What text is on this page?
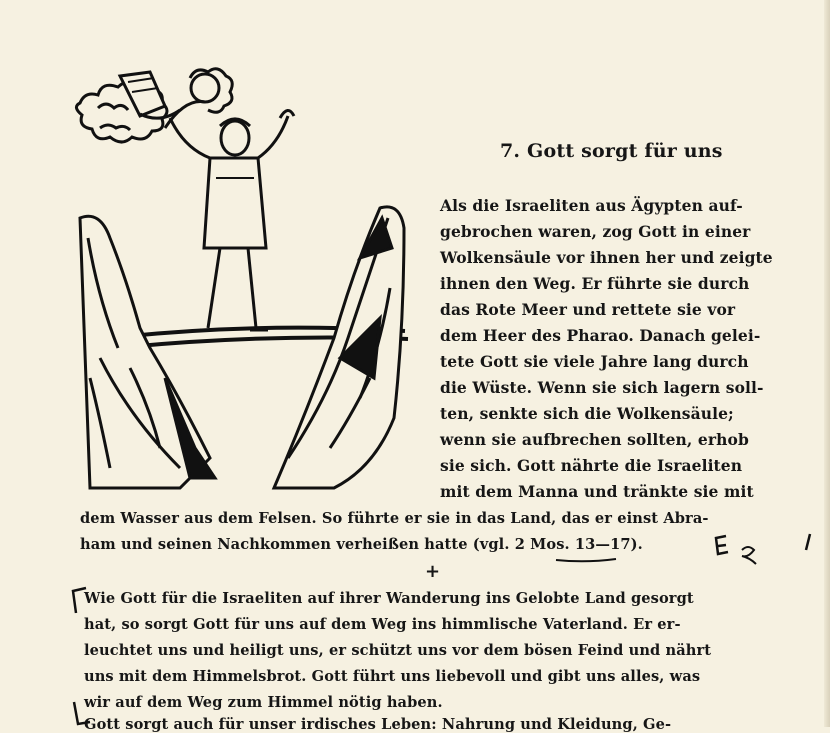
7. Gott sorgt für uns
Als die Israeliten aus Ägypten auf-
gebrochen waren, zog Gott in einer
Wolkensäule vor ihnen her und zeigte
ihnen den Weg. Er führte sie durch
das Rote Meer und rettete sie vor
dem Heer des Pharao. Danach gelei-
tete Gott sie viele Jahre lang durch
die Wüste. Wenn sie sich lagern soll-
ten, senkte sich die Wolkensäule;
wenn sie aufbrechen sollten, erhob
sie sich. Gott nährte die Israeliten
mit dem Manna und tränkte sie mit
dem Wasser aus dem Felsen. So führte er sie in das Land, das er einst Abra-
ham und seinen Nachkommen verheißen hatte (vgl. 2 Mos. 13—17).
+
Wie Gott für die Israeliten auf ihrer Wanderung ins Gelobte Land gesorgt
hat, so sorgt Gott für uns auf dem Weg ins himmlische Vaterland. Er er-
leuchtet uns und heiligt uns, er schützt uns vor dem bösen Feind und nährt
uns mit dem Himmelsbrot. Gott führt uns liebevoll und gibt uns alles, was
wir auf dem Weg zum Himmel nötig haben.
Gott sorgt auch für unser irdisches Leben: Nahrung und Kleidung, Ge-
